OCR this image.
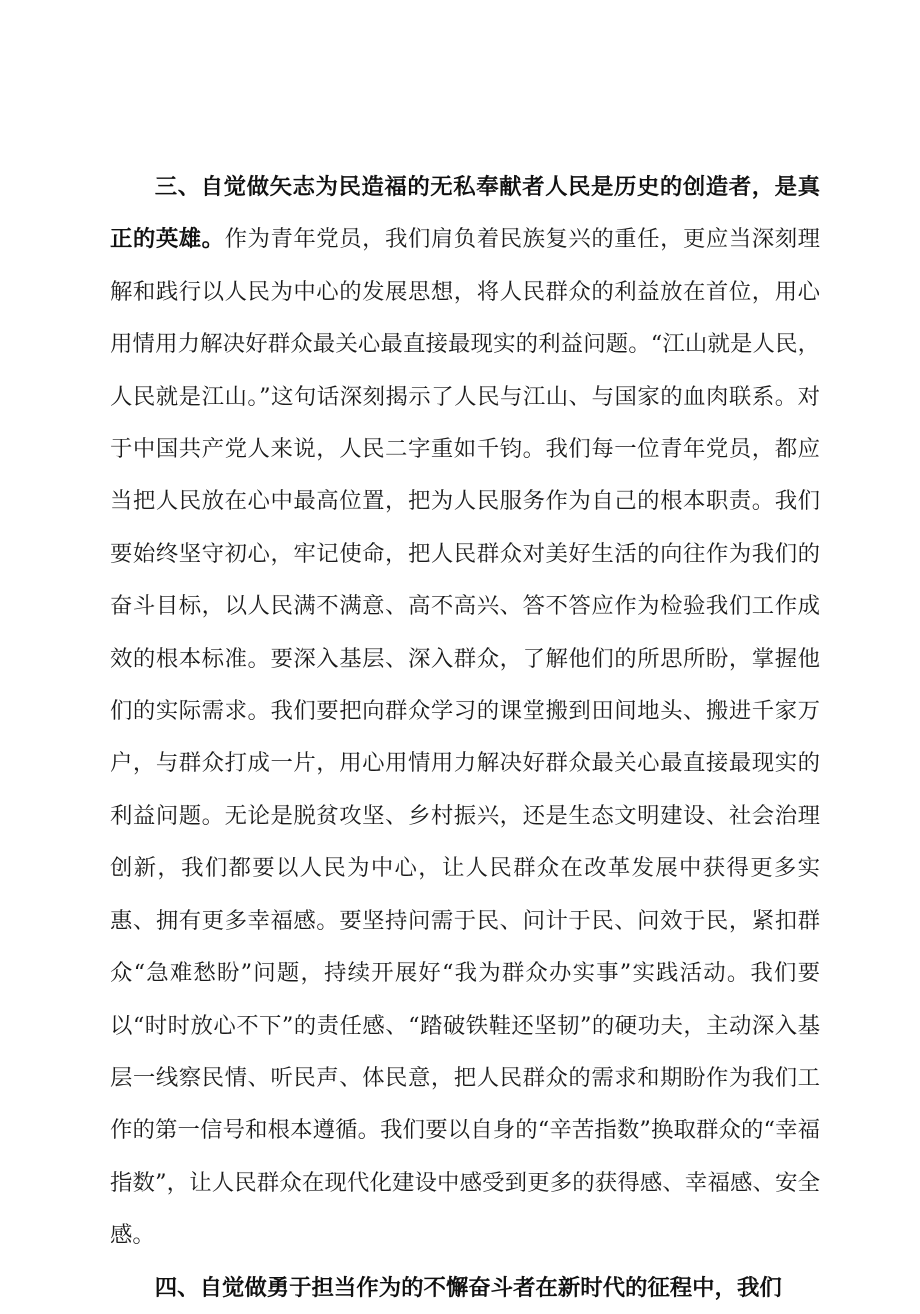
三、自觉做矢志为民造福的无私奉献者人民是历史的创造者，是真正的英雄。作为青年党员，我们肩负着民族复兴的重任，更应当深刻理解和践行以人民为中心的发展思想，将人民群众的利益放在首位，用心用情用力解决好群众最关心最直接最现实的利益问题。“江山就是人民，人民就是江山。”这句话深刻揭示了人民与江山、与国家的血肉联系。对于中国共产党人来说，人民二字重如千钧。我们每一位青年党员，都应当把人民放在心中最高位置，把为人民服务作为自己的根本职责。我们要始终坚守初心，牢记使命，把人民群众对美好生活的向往作为我们的奋斗目标，以人民满不满意、高不高兴、答不答应作为检验我们工作成效的根本标准。要深入基层、深入群众，了解他们的所思所盼，掌握他们的实际需求。我们要把向群众学习的课堂搬到田间地头、搬进千家万户，与群众打成一片，用心用情用力解决好群众最关心最直接最现实的利益问题。无论是脱贫攻坚、乡村振兴，还是生态文明建设、社会治理创新，我们都要以人民为中心，让人民群众在改革发展中获得更多实惠、拥有更多幸福感。要坚持问需于民、问计于民、问效于民，紧扣群众“急难愁盼”问题，持续开展好“我为群众办实事”实践活动。我们要以“时时放心不下”的责任感、“踏破铁鞋还坚韧”的硬功夫，主动深入基层一线察民情、听民声、体民意，把人民群众的需求和期盼作为我们工作的第一信号和根本遵循。我们要以自身的“辛苦指数”换取群众的“幸福指数”，让人民群众在现代化建设中感受到更多的获得感、幸福感、安全感。

四、自觉做勇于担当作为的不懈奋斗者在新时代的征程中，我们
